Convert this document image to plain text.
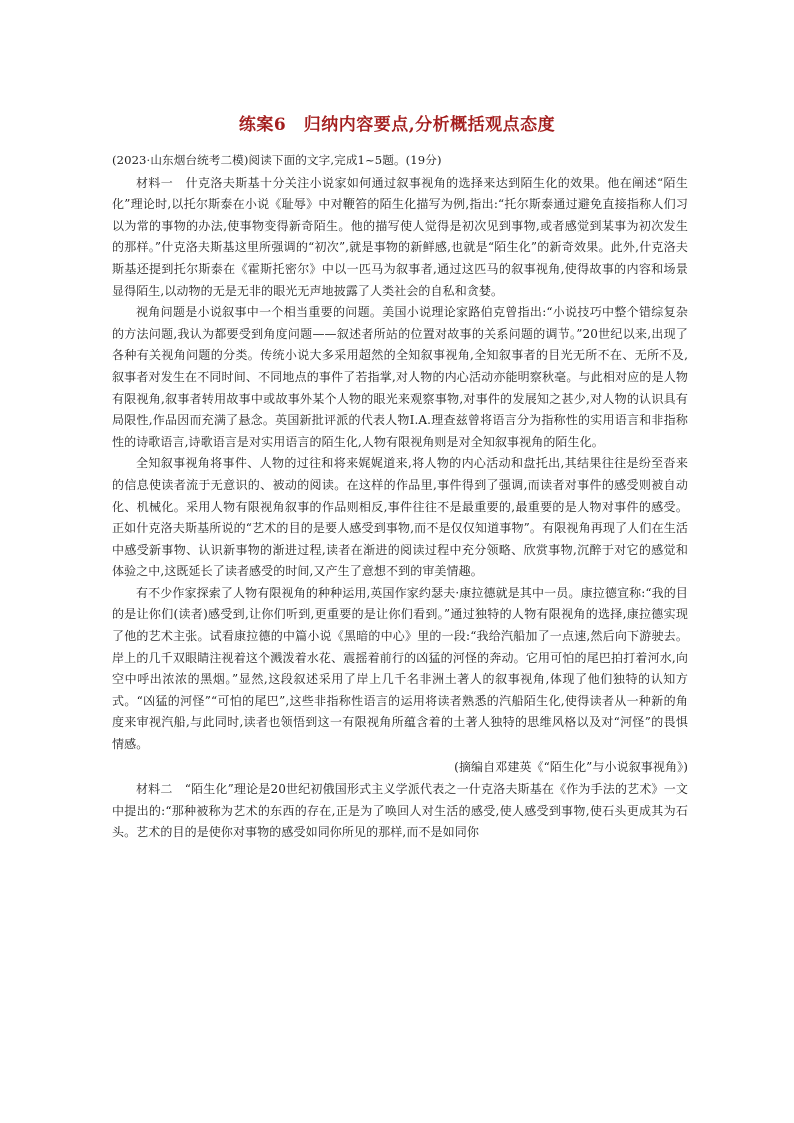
练案6　归纳内容要点,分析概括观点态度

(2023·山东烟台统考二模)阅读下面的文字,完成1~5题。(19分)

材料一　什克洛夫斯基十分关注小说家如何通过叙事视角的选择来达到陌生化的效果。他在阐述“陌生化”理论时,以托尔斯泰在小说《耻辱》中对鞭笞的陌生化描写为例,指出:“托尔斯泰通过避免直接指称人们习以为常的事物的办法,使事物变得新奇陌生。他的描写使人觉得是初次见到事物,或者感觉到某事为初次发生的那样。”什克洛夫斯基这里所强调的“初次”,就是事物的新鲜感,也就是“陌生化”的新奇效果。此外,什克洛夫斯基还提到托尔斯泰在《霍斯托密尔》中以一匹马为叙事者,通过这匹马的叙事视角,使得故事的内容和场景显得陌生,以动物的无是无非的眼光无声地披露了人类社会的自私和贪婪。

视角问题是小说叙事中一个相当重要的问题。美国小说理论家路伯克曾指出:“小说技巧中整个错综复杂的方法问题,我认为都要受到角度问题——叙述者所站的位置对故事的关系问题的调节。”20世纪以来,出现了各种有关视角问题的分类。传统小说大多采用超然的全知叙事视角,全知叙事者的目光无所不在、无所不及,叙事者对发生在不同时间、不同地点的事件了若指掌,对人物的内心活动亦能明察秋毫。与此相对应的是人物有限视角,叙事者转用故事中或故事外某个人物的眼光来观察事物,对事件的发展知之甚少,对人物的认识具有局限性,作品因而充满了悬念。英国新批评派的代表人物I.A.理查兹曾将语言分为指称性的实用语言和非指称性的诗歌语言,诗歌语言是对实用语言的陌生化,人物有限视角则是对全知叙事视角的陌生化。

全知叙事视角将事件、人物的过往和将来娓娓道来,将人物的内心活动和盘托出,其结果往往是纷至沓来的信息使读者流于无意识的、被动的阅读。在这样的作品里,事件得到了强调,而读者对事件的感受则被自动化、机械化。采用人物有限视角叙事的作品则相反,事件往往不是最重要的,最重要的是人物对事件的感受。正如什克洛夫斯基所说的“艺术的目的是要人感受到事物,而不是仅仅知道事物”。有限视角再现了人们在生活中感受新事物、认识新事物的渐进过程,读者在渐进的阅读过程中充分领略、欣赏事物,沉醉于对它的感觉和体验之中,这既延长了读者感受的时间,又产生了意想不到的审美情趣。

有不少作家探索了人物有限视角的种种运用,英国作家约瑟夫·康拉德就是其中一员。康拉德宣称:“我的目的是让你们(读者)感受到,让你们听到,更重要的是让你们看到。”通过独特的人物有限视角的选择,康拉德实现了他的艺术主张。试看康拉德的中篇小说《黑暗的中心》里的一段:“我给汽船加了一点速,然后向下游驶去。岸上的几千双眼睛注视着这个溅泼着水花、震摇着前行的凶猛的河怪的奔动。它用可怕的尾巴拍打着河水,向空中呼出浓浓的黑烟。”显然,这段叙述采用了岸上几千名非洲土著人的叙事视角,体现了他们独特的认知方式。“凶猛的河怪”“可怕的尾巴”,这些非指称性语言的运用将读者熟悉的汽船陌生化,使得读者从一种新的角度来审视汽船,与此同时,读者也领悟到这一有限视角所蕴含着的土著人独特的思维风格以及对“河怪”的畏惧情感。

(摘编自邓建英《“陌生化”与小说叙事视角》)

材料二　“陌生化”理论是20世纪初俄国形式主义学派代表之一什克洛夫斯基在《作为手法的艺术》一文中提出的:“那种被称为艺术的东西的存在,正是为了唤回人对生活的感受,使人感受到事物,使石头更成其为石头。艺术的目的是使你对事物的感受如同你所见的那样,而不是如同你
